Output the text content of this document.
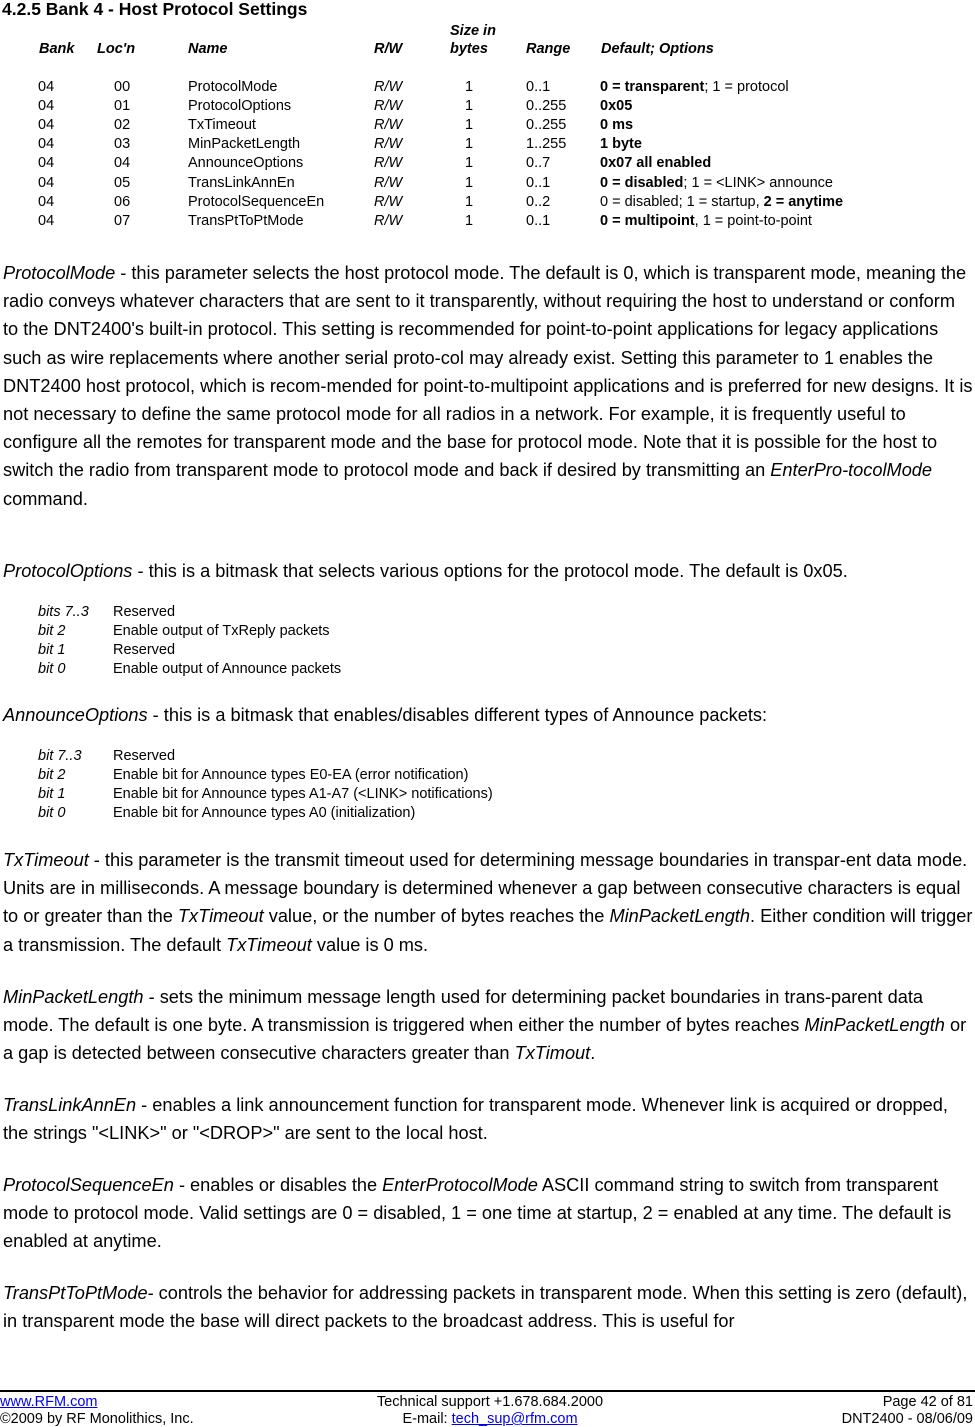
4.2.5 Bank 4 - Host Protocol Settings
Size in
Bank Loc'n	Name	R/W	bytes	Range Default; Options
04	00	ProtocolMode	R/W	1	0..1	0 = transparent; 1 = protocol
04	01	ProtocolOptions	R/W	1	0..255 0x05
04	02	TxTimeout	R/W	1	0..255 0 ms
04	03	MinPacketLength	R/W	1	1..255 1 byte
04	04	AnnounceOptions	R/W	1	0..7	0x07 all enabled
04	05	TransLinkAnnEn	R/W	1	0..1	0 = disabled; 1 = <LINK> announce
04	06	ProtocolSequenceEn	R/W	1	0..2	0 = disabled; 1 = startup, 2 = anytime
04	07	TransPtToPtMode	R/W	1	0..1	0 = multipoint, 1 = point-to-point

ProtocolMode - this parameter selects the host protocol mode. The default is 0, which is transparent mode, meaning the radio conveys whatever characters that are sent to it transparently, without requiring the host to understand or conform to the DNT2400's built-in protocol. This setting is recommended for point-to-point applications for legacy applications such as wire replacements where another serial proto-col may already exist. Setting this parameter to 1 enables the DNT2400 host protocol, which is recom-mended for point-to-multipoint applications and is preferred for new designs. It is not necessary to define the same protocol mode for all radios in a network. For example, it is frequently useful to configure all the remotes for transparent mode and the base for protocol mode. Note that it is possible for the host to switch the radio from transparent mode to protocol mode and back if desired by transmitting an EnterPro-tocolMode command.

ProtocolOptions - this is a bitmask that selects various options for the protocol mode. The default is 0x05.

bits 7..3 Reserved
bit 2	Enable output of TxReply packets
bit 1	Reserved
bit 0	Enable output of Announce packets

AnnounceOptions - this is a bitmask that enables/disables different types of Announce packets:

bit 7..3 Reserved
bit 2	Enable bit for Announce types E0-EA (error notification)
bit 1	Enable bit for Announce types A1-A7 (<LINK> notifications)
bit 0	Enable bit for Announce types A0 (initialization)

TxTimeout - this parameter is the transmit timeout used for determining message boundaries in transpar-ent data mode. Units are in milliseconds. A message boundary is determined whenever a gap between consecutive characters is equal to or greater than the TxTimeout value, or the number of bytes reaches the MinPacketLength. Either condition will trigger a transmission. The default TxTimeout value is 0 ms.

MinPacketLength - sets the minimum message length used for determining packet boundaries in trans-parent data mode. The default is one byte. A transmission is triggered when either the number of bytes reaches MinPacketLength or a gap is detected between consecutive characters greater than TxTimout.

TransLinkAnnEn - enables a link announcement function for transparent mode. Whenever link is acquired or dropped, the strings "<LINK>" or "<DROP>" are sent to the local host.

ProtocolSequenceEn - enables or disables the EnterProtocolMode ASCII command string to switch from transparent mode to protocol mode. Valid settings are 0 = disabled, 1 = one time at startup, 2 = enabled at any time. The default is enabled at anytime.

TransPtToPtMode- controls the behavior for addressing packets in transparent mode. When this setting is zero (default), in transparent mode the base will direct packets to the broadcast address. This is useful for

www.RFM.com
©2009 by RF Monolithics, Inc.
Technical support +1.678.684.2000
E-mail: tech_sup@rfm.com
Page 42 of 81
DNT2400 - 08/06/09
